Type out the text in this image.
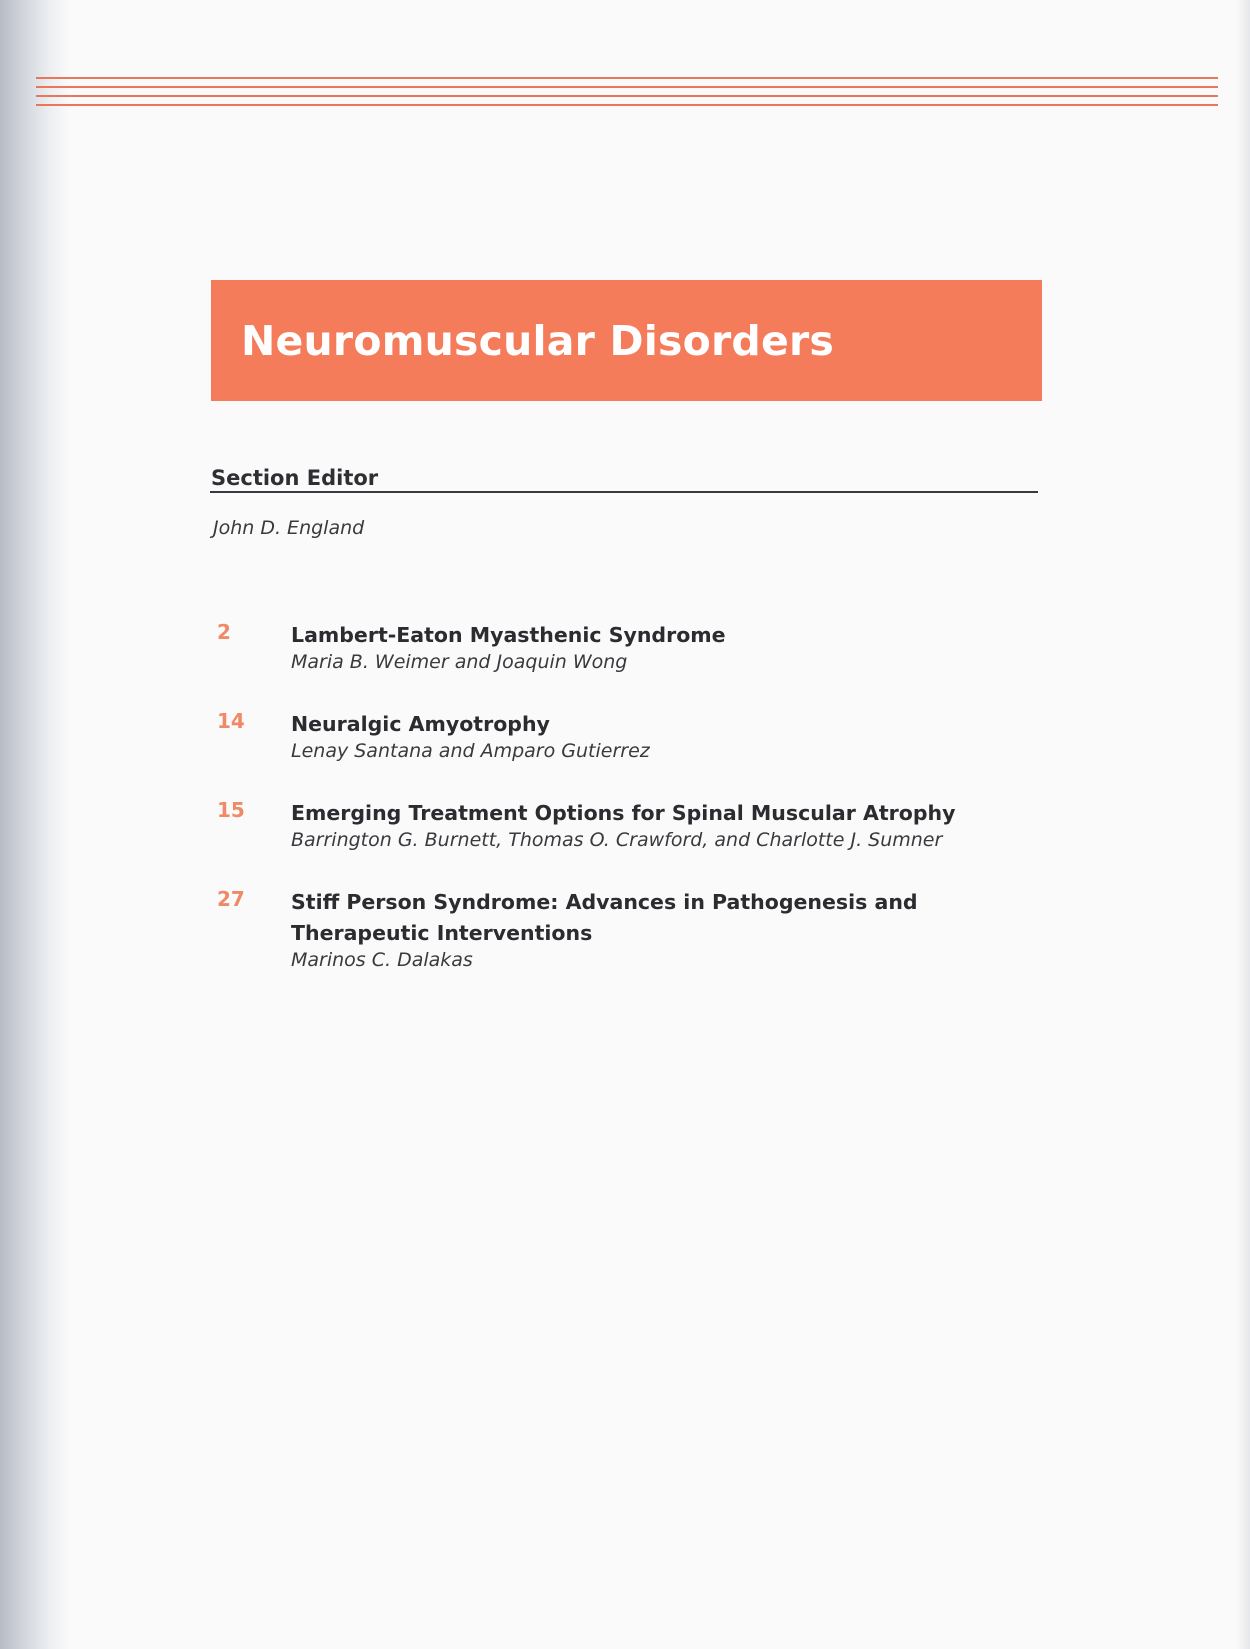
Neuromuscular Disorders
Section Editor
John D. England
2	Lambert-Eaton Myasthenic Syndrome
Maria B. Weimer and Joaquin Wong
14	Neuralgic Amyotrophy
Lenay Santana and Amparo Gutierrez
15	Emerging Treatment Options for Spinal Muscular Atrophy
Barrington G. Burnett, Thomas O. Crawford, and Charlotte J. Sumner
27	Stiff Person Syndrome: Advances in Pathogenesis and Therapeutic Interventions
Marinos C. Dalakas
